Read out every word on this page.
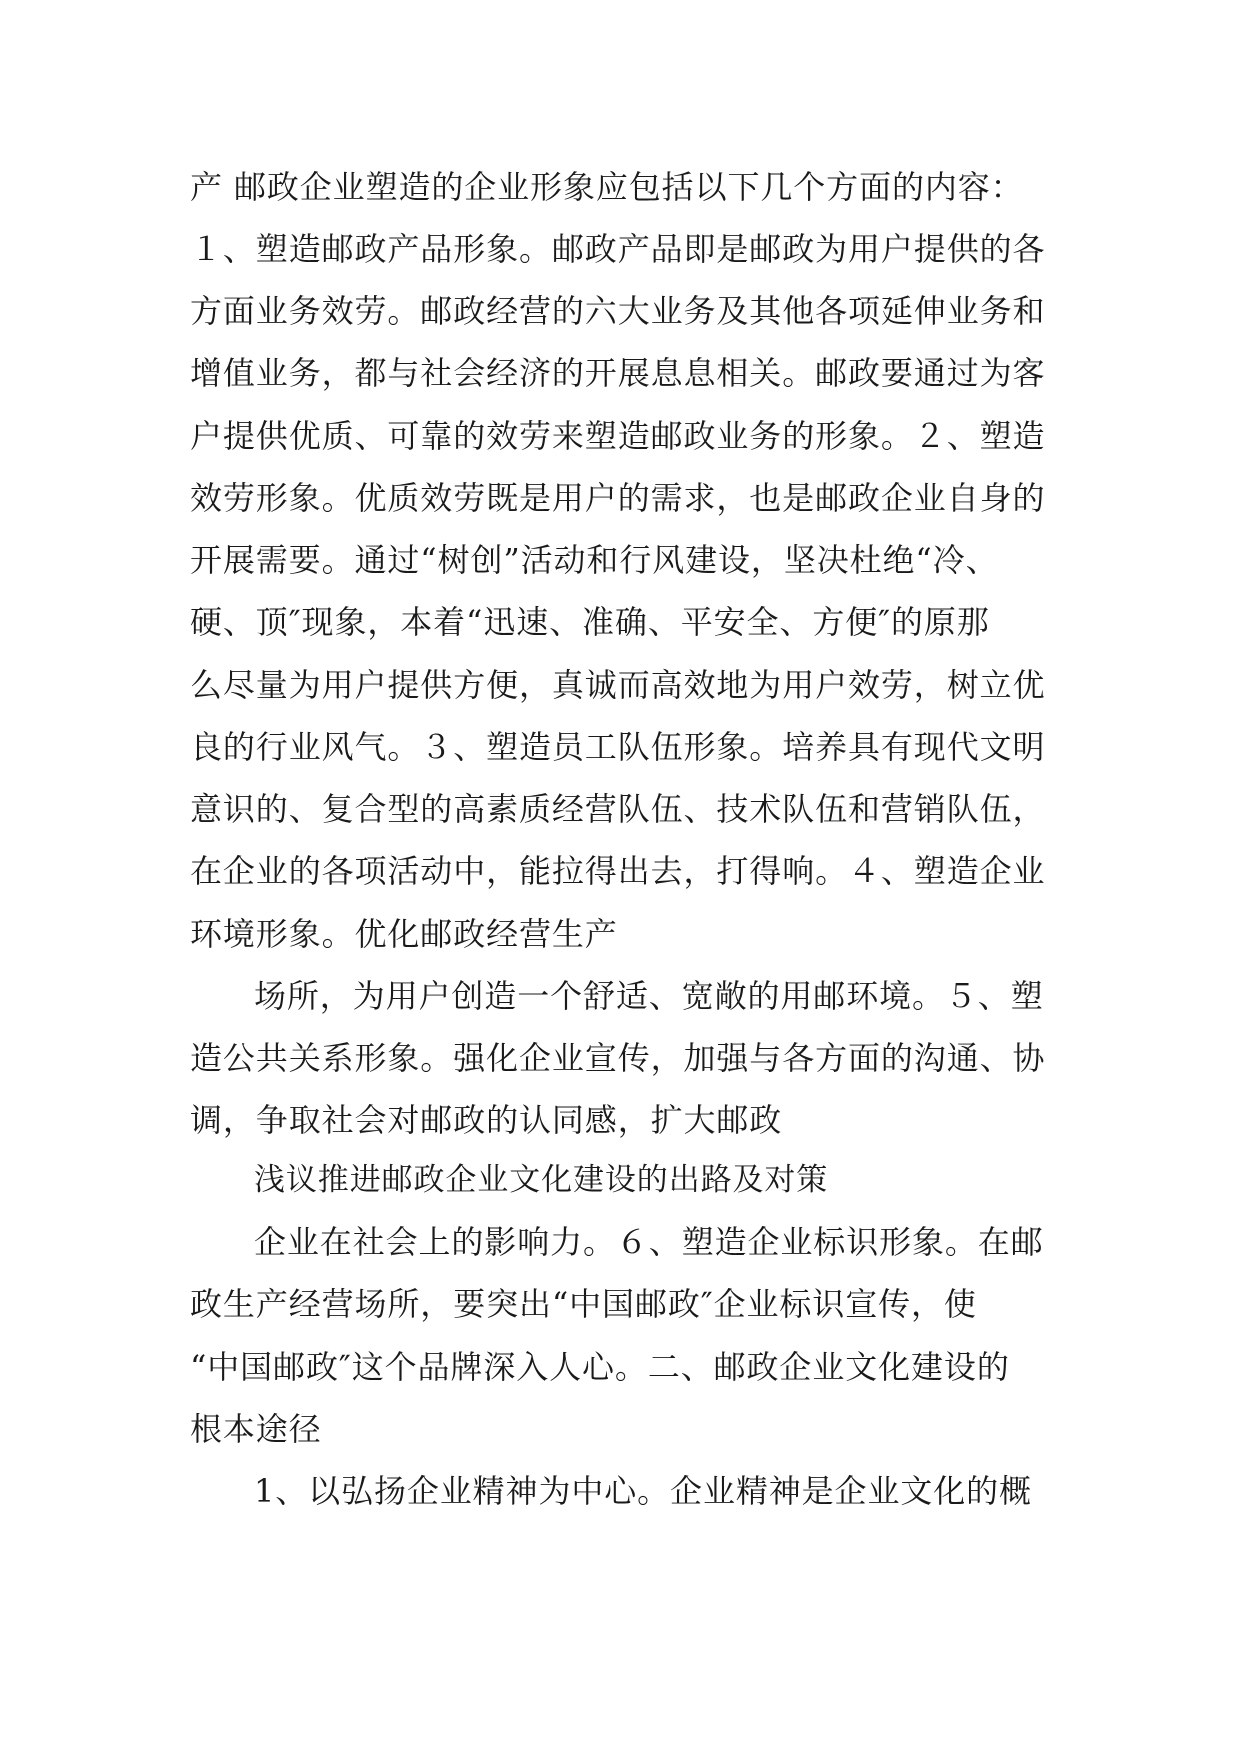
产 邮政企业塑造的企业形象应包括以下几个方面的内容：
１、塑造邮政产品形象。邮政产品即是邮政为用户提供的各
方面业务效劳。邮政经营的六大业务及其他各项延伸业务和
增值业务，都与社会经济的开展息息相关。邮政要通过为客
户提供优质、可靠的效劳来塑造邮政业务的形象。２、塑造
效劳形象。优质效劳既是用户的需求，也是邮政企业自身的
开展需要。通过“树创”活动和行风建设，坚决杜绝“冷、
硬、顶″现象，本着“迅速、准确、平安全、方便″的原那
么尽量为用户提供方便，真诚而高效地为用户效劳，树立优
良的行业风气。３、塑造员工队伍形象。培养具有现代文明
意识的、复合型的高素质经营队伍、技术队伍和营销队伍，
在企业的各项活动中，能拉得出去，打得响。４、塑造企业
环境形象。优化邮政经营生产
场所，为用户创造一个舒适、宽敞的用邮环境。５、塑
造公共关系形象。强化企业宣传，加强与各方面的沟通、协
调，争取社会对邮政的认同感，扩大邮政
浅议推进邮政企业文化建设的出路及对策
企业在社会上的影响力。６、塑造企业标识形象。在邮
政生产经营场所，要突出“中国邮政″企业标识宣传，使
“中国邮政″这个品牌深入人心。二、邮政企业文化建设的
根本途径
1、以弘扬企业精神为中心。企业精神是企业文化的概
